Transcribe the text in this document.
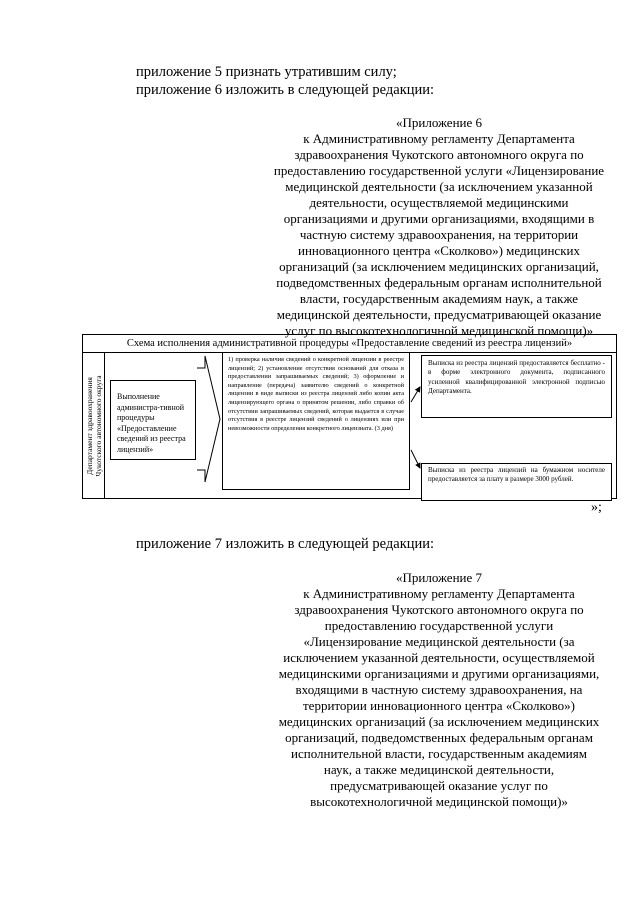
приложение 5 признать утратившим силу;
приложение 6 изложить в следующей редакции:
«Приложение 6
к Административному регламенту Департамента
здравоохранения Чукотского автономного округа по
предоставлению государственной услуги «Лицензирование
медицинской деятельности (за исключением указанной
деятельности, осуществляемой медицинскими
организациями и другими организациями, входящими в
частную систему здравоохранения, на территории
инновационного центра «Сколково») медицинских
организаций (за исключением медицинских организаций,
подведомственных федеральным органам исполнительной
власти, государственным академиям наук, а также
медицинской деятельности, предусматривающей оказание
услуг по высокотехнологичной медицинской помощи)»
Схема исполнения административной процедуры «Предоставление сведений из реестра лицензий»
Департамент здравоохранения Чукотского автономного округа Выполнение администра-тивной процедуры «Предоставление сведений из реестра лицензий»
1) проверка наличия сведений о конкретной лицензии в реестре лицензий; 2) установление отсутствия оснований для отказа в предоставлении запрашиваемых сведений; 3) оформление и направление (передача) заявителю сведений о конкретной лицензии в виде выписки из реестра лицензий либо копии акта лицензирующего органа о принятом решении, либо справки об отсутствии запрашиваемых сведений, которая выдается в случае отсутствия в реестре лицензий сведений о лицензиях или при невозможности определения конкретного лицензиата. (3 дня)
Выписка из реестра лицензий предоставляется бесплатно - в форме электронного документа, подписанного усиленной квалифицированной электронной подписью Департамента.
Выписка из реестра лицензий на бумажном носителе предоставляется за плату в размере 3000 рублей.
»;
приложение 7 изложить в следующей редакции:
«Приложение 7
к Административному регламенту Департамента
здравоохранения Чукотского автономного округа по
предоставлению государственной услуги
«Лицензирование медицинской деятельности (за
исключением указанной деятельности, осуществляемой
медицинскими организациями и другими организациями,
входящими в частную систему здравоохранения, на
территории инновационного центра «Сколково»)
медицинских организаций (за исключением медицинских
организаций, подведомственных федеральным органам
исполнительной власти, государственным академиям
наук, а также медицинской деятельности,
предусматривающей оказание услуг по
высокотехнологичной медицинской помощи)»
